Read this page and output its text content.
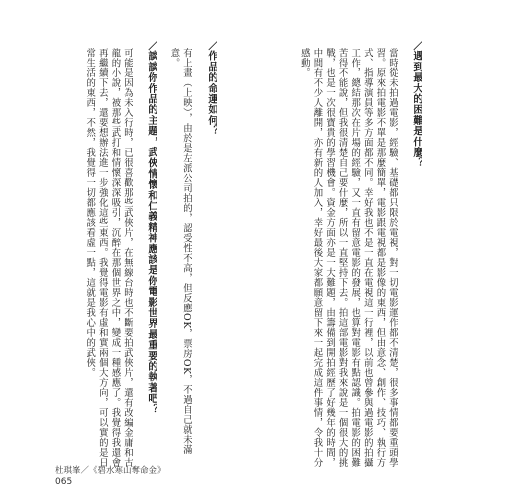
／遇到最大的困難是什麼？
當時從未拍過電影，經驗、基礎都只限於電視，對一切電影運作都不清楚，很多事情都要重頭學習。原來拍電影不單是那麼簡單，電影跟電視都是影像的東西，但由意念、創作、技巧、執行方式、指導演員等多方面都不同。幸好我也不是一直在電視這一行裡，以前也曾參與過電影的拍攝工作，總結那次在片場的經驗，又一直有留意電影的發展，也算對電影有點認識。拍電影的困難苦得不能說，但我很清楚自己要什麼，所以一直堅持下去。拍這部電影對我來說是一個很大的挑戰，也是一次很寶貴的學習機會。資金方面亦是一大難題，由籌備到開拍經歷了好幾年的時間，中間有不少人離開，亦有新的人加入，幸好最後大家都願意留下來一起完成這件事情，令我十分感動。
／作品的命運如何？
有上畫（上映），由於是左派公司拍的，認受性不高，但反應OK，票房OK，不過自己就未滿意。
／談談你作品的主題，武俠情懷和仁義精神應該是你電影世界最重要的執著吧？
可能是因為未入行時，已很喜歡那些武俠片，在無線台時也不斷要拍武俠片，還有改編金庸和古龍的小說，被那些武打和情懷深深吸引，沉醉在那個世界之中，變成一種感應了。我覺得我還會再繼續下去，還要想辦法進一步強化這些東西。我覺得電影有虛和實兩個大方向，可以實的是日常生活的東西，不然，我覺得一切都應該看虛一點，這就是我心中的武俠。
杜琪峯／《碧水寒山奪命金》
065
